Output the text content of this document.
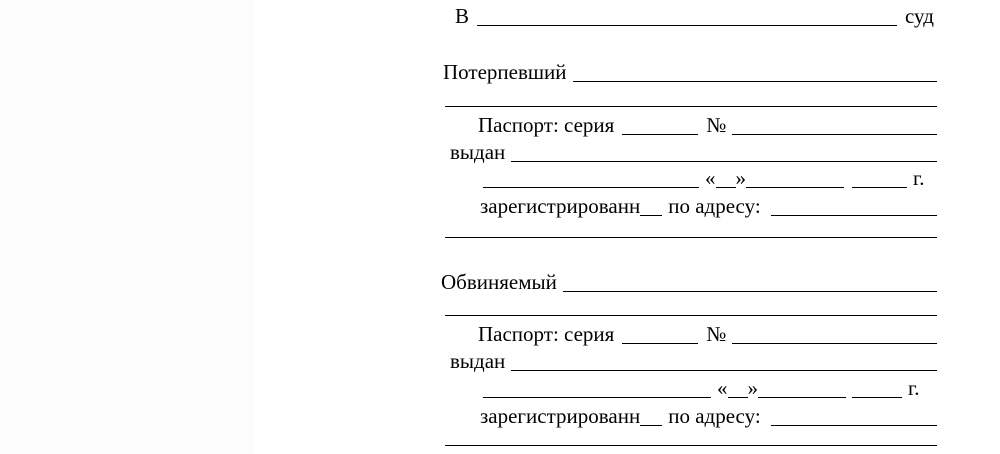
В	суд
Потерпевший
Паспорт: серия	№
выдан
« »	г.
зарегистрированн по адресу:
Обвиняемый
Паспорт: серия	№
выдан
« »	г.
зарегистрированн по адресу:
